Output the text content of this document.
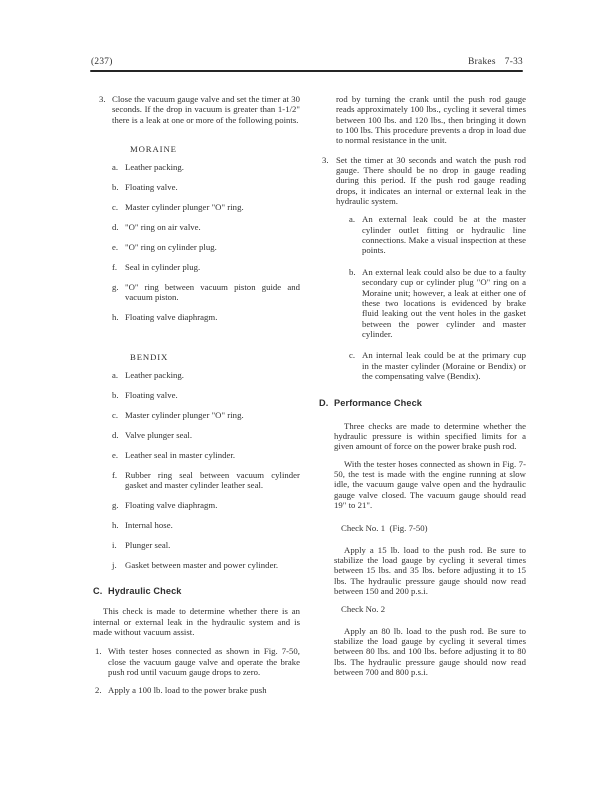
(237)	Brakes 7-33
3. Close the vacuum gauge valve and set the timer at 30 seconds. If the drop in vacuum is greater than 1-1/2" there is a leak at one or more of the following points.
MORAINE
a. Leather packing.
b. Floating valve.
c. Master cylinder plunger "O" ring.
d. "O" ring on air valve.
e. "O" ring on cylinder plug.
f. Seal in cylinder plug.
g. "O" ring between vacuum piston guide and vacuum piston.
h. Floating valve diaphragm.
BENDIX
a. Leather packing.
b. Floating valve.
c. Master cylinder plunger "O" ring.
d. Valve plunger seal.
e. Leather seal in master cylinder.
f. Rubber ring seal between vacuum cylinder gasket and master cylinder leather seal.
g. Floating valve diaphragm.
h. Internal hose.
i. Plunger seal.
j. Gasket between master and power cylinder.
C. Hydraulic Check
This check is made to determine whether there is an internal or external leak in the hydraulic system and is made without vacuum assist.
1. With tester hoses connected as shown in Fig. 7-50, close the vacuum gauge valve and operate the brake push rod until vacuum gauge drops to zero.
2. Apply a 100 lb. load to the power brake push
rod by turning the crank until the push rod gauge reads approximately 100 lbs., cycling it several times between 100 lbs. and 120 lbs., then bringing it down to 100 lbs. This procedure prevents a drop in load due to normal resistance in the unit.
3. Set the timer at 30 seconds and watch the push rod gauge. There should be no drop in gauge reading during this period. If the push rod gauge reading drops, it indicates an internal or external leak in the hydraulic system.
a. An external leak could be at the master cylinder outlet fitting or hydraulic line connections. Make a visual inspection at these points.
b. An external leak could also be due to a faulty secondary cup or cylinder plug "O" ring on a Moraine unit; however, a leak at either one of these two locations is evidenced by brake fluid leaking out the vent holes in the gasket between the power cylinder and master cylinder.
c. An internal leak could be at the primary cup in the master cylinder (Moraine or Bendix) or the compensating valve (Bendix).
D. Performance Check
Three checks are made to determine whether the hydraulic pressure is within specified limits for a given amount of force on the power brake push rod.
With the tester hoses connected as shown in Fig. 7-50, the test is made with the engine running at slow idle, the vacuum gauge valve open and the hydraulic gauge valve closed. The vacuum gauge should read 19" to 21".
Check No. 1  (Fig. 7-50)
Apply a 15 lb. load to the push rod. Be sure to stabilize the load gauge by cycling it several times between 15 lbs. and 35 lbs. before adjusting it to 15 lbs. The hydraulic pressure gauge should now read between 150 and 200 p.s.i.
Check No. 2
Apply an 80 lb. load to the push rod. Be sure to stabilize the load gauge by cycling it several times between 80 lbs. and 100 lbs. before adjusting it to 80 lbs. The hydraulic pressure gauge should now read between 700 and 800 p.s.i.
